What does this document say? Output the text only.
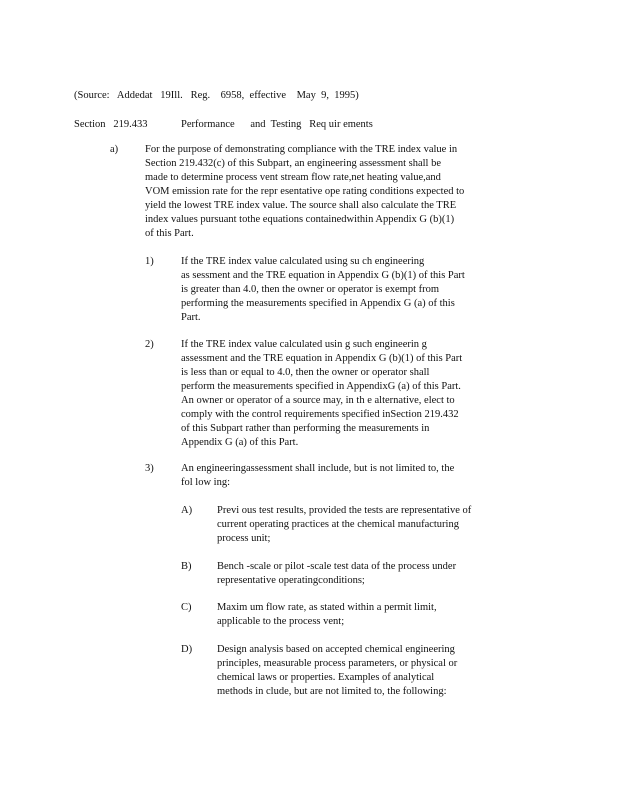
(Source:   Addedat   19Ill.   Reg.    6958,  effective    May  9,  1995)
Section   219.433	Performance      and  Testing   Req uir ements
a)	For the purpose of demonstrating compliance with the TRE index value in
Section 219.432(c) of this Subpart, an engineering assessment shall be
made to determine process vent stream flow rate,net heating value,and
VOM emission rate for the repr esentative ope rating conditions expected to
yield the lowest TRE index value. The source shall also calculate the TRE
index values pursuant tothe equations containedwithin Appendix G (b)(1)
of this Part.
1)	If the TRE index value calculated using su ch engineering
as sessment and the TRE equation in Appendix G (b)(1) of this Part
is greater than 4.0, then the owner or operator is exempt from
performing the measurements specified in Appendix G (a) of this
Part.
2)	If the TRE index value calculated usin g such engineerin g
assessment and the TRE equation in Appendix G (b)(1) of this Part
is less than or equal to 4.0, then the owner or operator shall
perform the measurements specified in AppendixG (a) of this Part.
An owner or operator of a source may, in th e alternative, elect to
comply with the control requirements specified inSection 219.432
of this Subpart rather than performing the measurements in
Appendix G (a) of this Part.
3)	An engineeringassessment shall include, but is not limited to, the
fol low ing:
A) Previ ous test results, provided the tests are representative of
current operating practices at the chemical manufacturing
process unit;
B) Bench -scale or pilot -scale test data of the process under
representative operatingconditions;
C) Maxim um flow rate, as stated within a permit limit,
applicable to the process vent;
D) Design analysis based on accepted chemical engineering
principles, measurable process parameters, or physical or
chemical laws or properties. Examples of analytical
methods in clude, but are not limited to, the following:
